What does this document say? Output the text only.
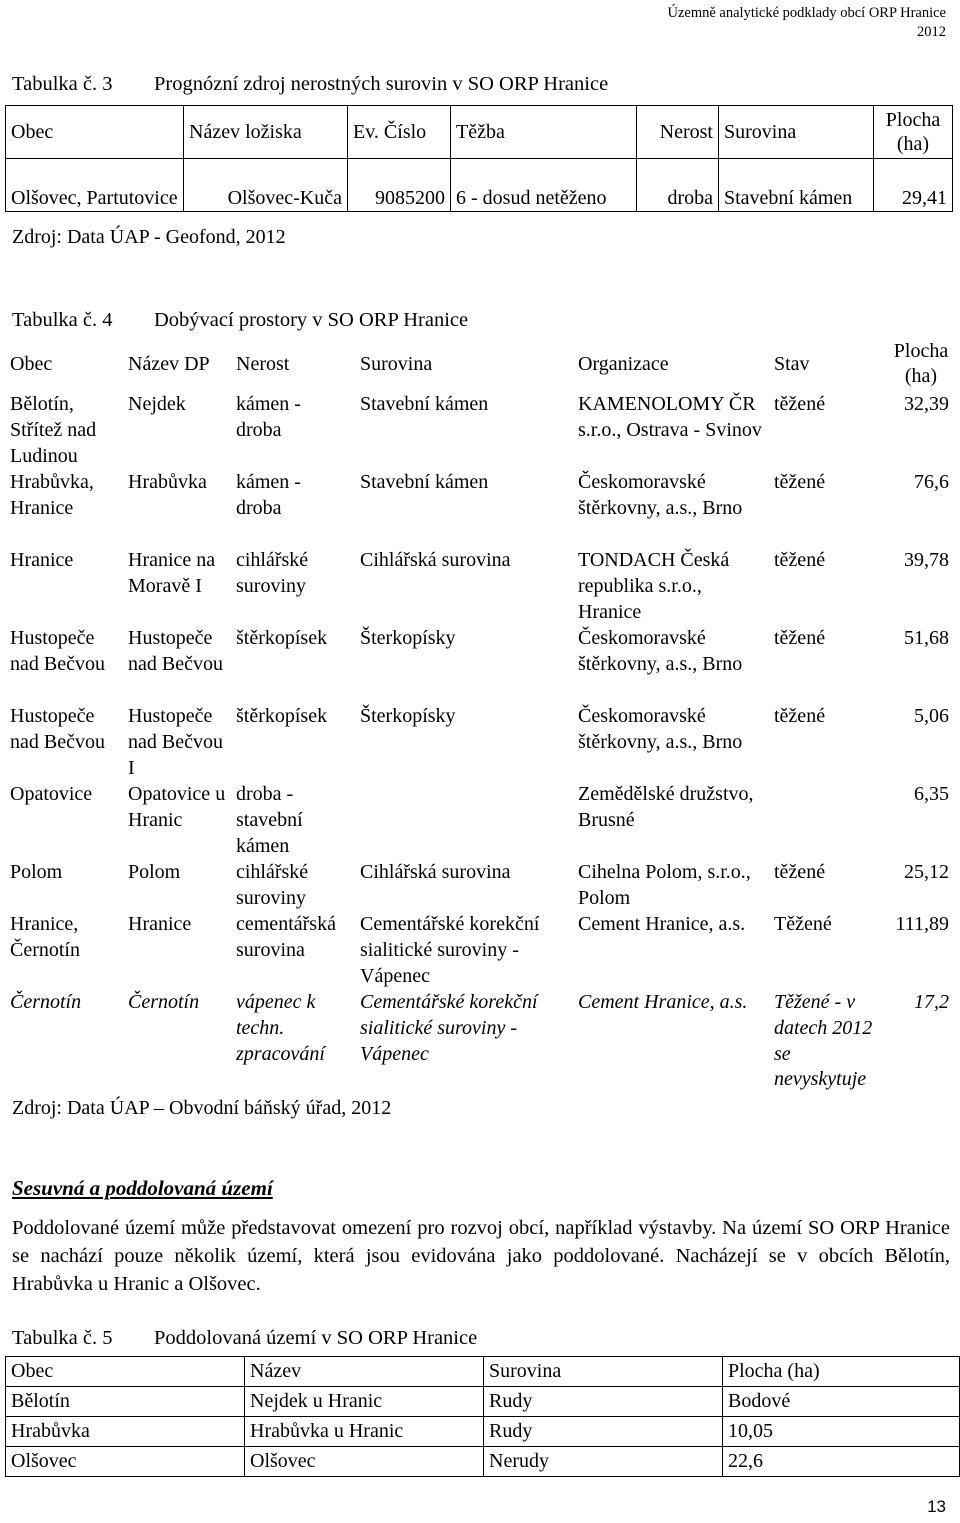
Územně analytické podklady obcí ORP Hranice
2012
Tabulka č. 3 Prognózní zdroj nerostných surovin v SO ORP Hranice
Obec	Název ložiska	Ev. Číslo	Těžba	Nerost	Surovina	Plocha (ha)
Olšovec, Partutovice	Olšovec-Kuča	9085200	6 - dosud netěženo	droba	Stavební kámen	29,41
Zdroj: Data ÚAP - Geofond, 2012
Tabulka č. 4 Dobývací prostory v SO ORP Hranice
Obec	Název DP	Nerost	Surovina	Organizace	Stav	Plocha (ha)
Bělotín, Střítež nad Ludinou	Nejdek	kámen - droba	Stavební kámen	KAMENOLOMY ČR s.r.o., Ostrava - Svinov	těžené	32,39
Hrabůvka, Hranice	Hrabůvka	kámen - droba	Stavební kámen	Českomoravské štěrkovny, a.s., Brno	těžené	76,6
Hranice	Hranice na Moravě I	cihlářské suroviny	Cihlářská surovina	TONDACH Česká republika s.r.o., Hranice	těžené	39,78
Hustopeče nad Bečvou	Hustopeče nad Bečvou	štěrkopísek	Šterkopísky	Českomoravské štěrkovny, a.s., Brno	těžené	51,68
Hustopeče nad Bečvou	Hustopeče nad Bečvou I	štěrkopísek	Šterkopísky	Českomoravské štěrkovny, a.s., Brno	těžené	5,06
Opatovice	Opatovice u Hranic	droba - stavební kámen		Zemědělské družstvo, Brusné		6,35
Polom	Polom	cihlářské suroviny	Cihlářská surovina	Cihelna Polom, s.r.o., Polom	těžené	25,12
Hranice, Černotín	Hranice	cementářská surovina	Cementářské korekční sialitické suroviny - Vápenec	Cement Hranice, a.s.	Těžené	111,89
Černotín	Černotín	vápenec k techn. zpracování	Cementářské korekční sialitické suroviny - Vápenec	Cement Hranice, a.s.	Těžené - v datech 2012 se nevyskytuje	17,2
Zdroj: Data ÚAP – Obvodní báňský úřad, 2012
Sesuvná a poddolovaná území

Poddolované území může představovat omezení pro rozvoj obcí, například výstavby. Na území SO ORP Hranice se nachází pouze několik území, která jsou evidována jako poddolované. Nacházejí se v obcích Bělotín, Hrabůvka u Hranic a Olšovec.

Tabulka č. 5 Poddolovaná území v SO ORP Hranice
Obec	Název	Surovina	Plocha (ha)
Bělotín	Nejdek u Hranic	Rudy	Bodové
Hrabůvka	Hrabůvka u Hranic	Rudy	10,05
Olšovec	Olšovec	Nerudy	22,6
13
